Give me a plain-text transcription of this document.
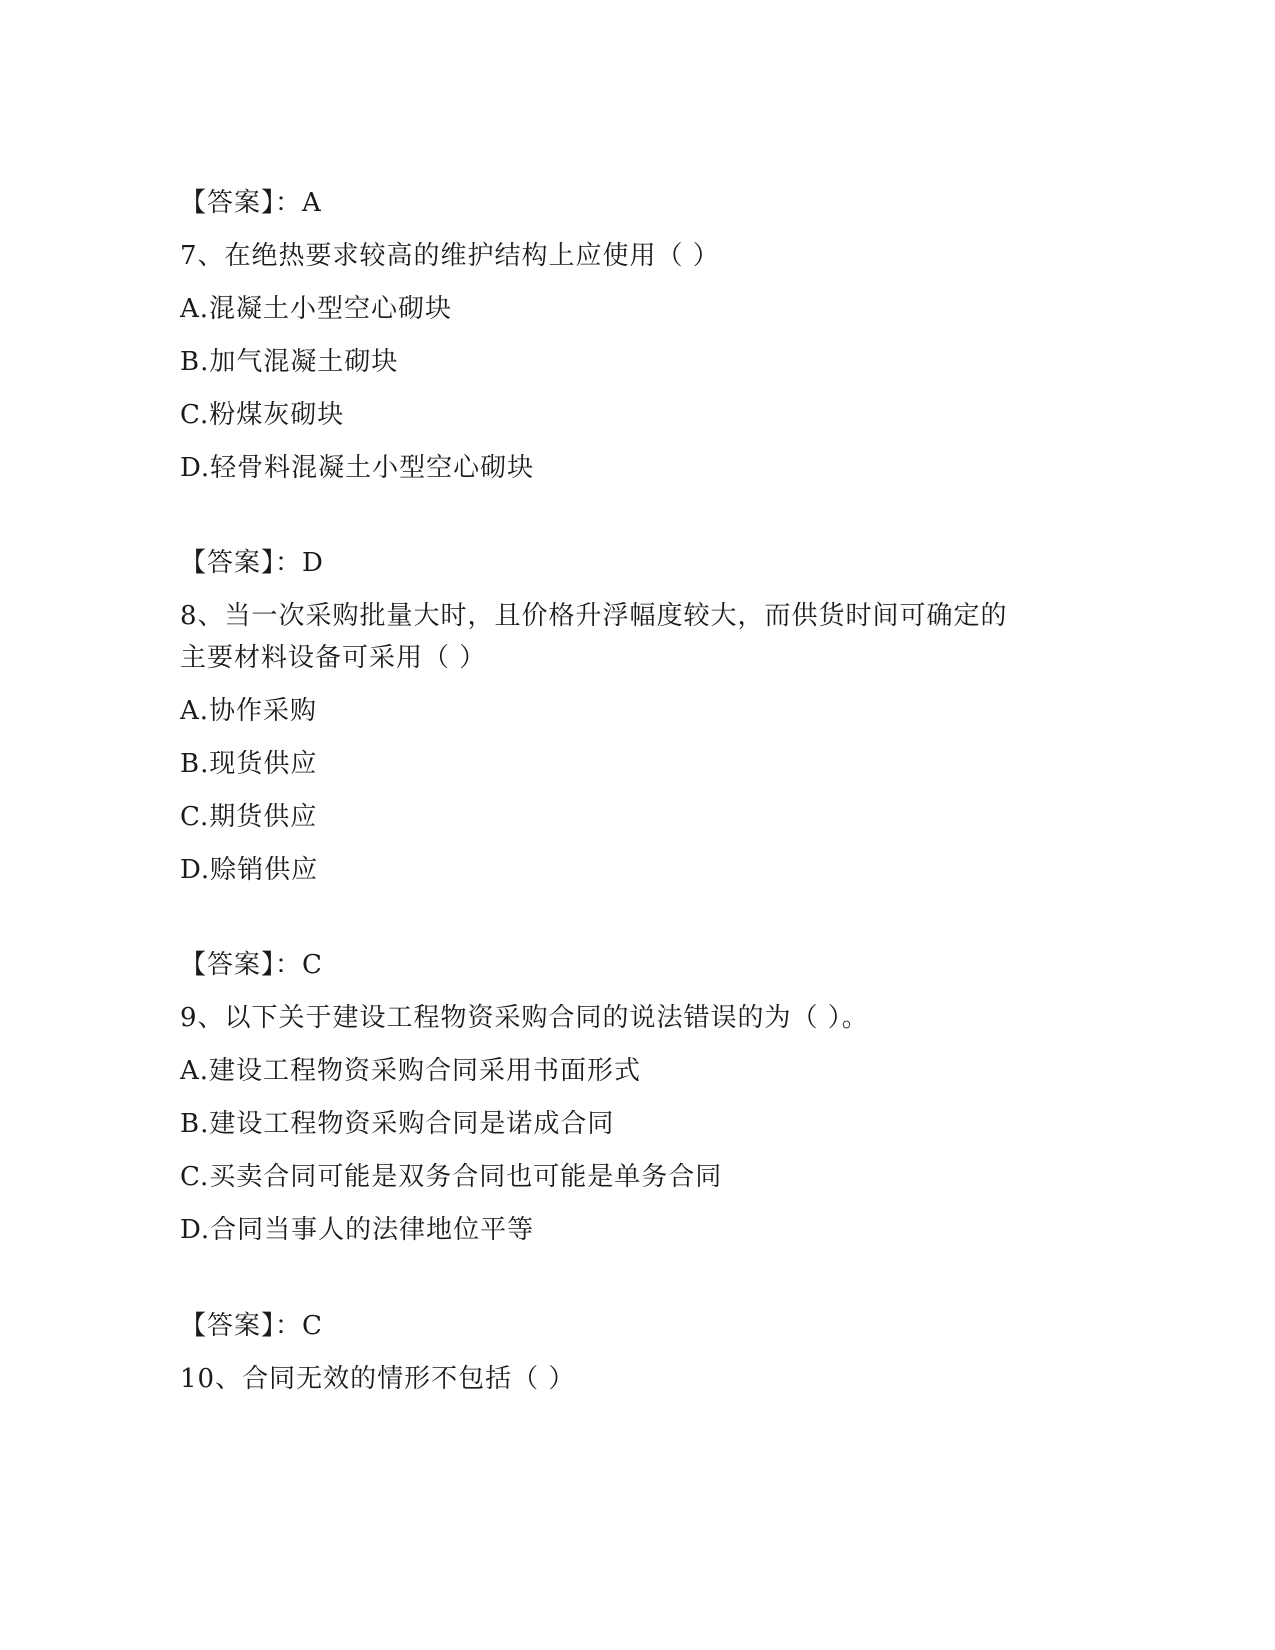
【答案】：A
7、在绝热要求较高的维护结构上应使用（ ）
A.混凝土小型空心砌块
B.加气混凝土砌块
C.粉煤灰砌块
D.轻骨料混凝土小型空心砌块
【答案】：D
8、当一次采购批量大时，且价格升浮幅度较大，而供货时间可确定的
主要材料设备可采用（ ）
A.协作采购
B.现货供应
C.期货供应
D.赊销供应
【答案】：C
9、以下关于建设工程物资采购合同的说法错误的为（ ）。
A.建设工程物资采购合同采用书面形式
B.建设工程物资采购合同是诺成合同
C.买卖合同可能是双务合同也可能是单务合同
D.合同当事人的法律地位平等
【答案】：C
10、合同无效的情形不包括（ ）
